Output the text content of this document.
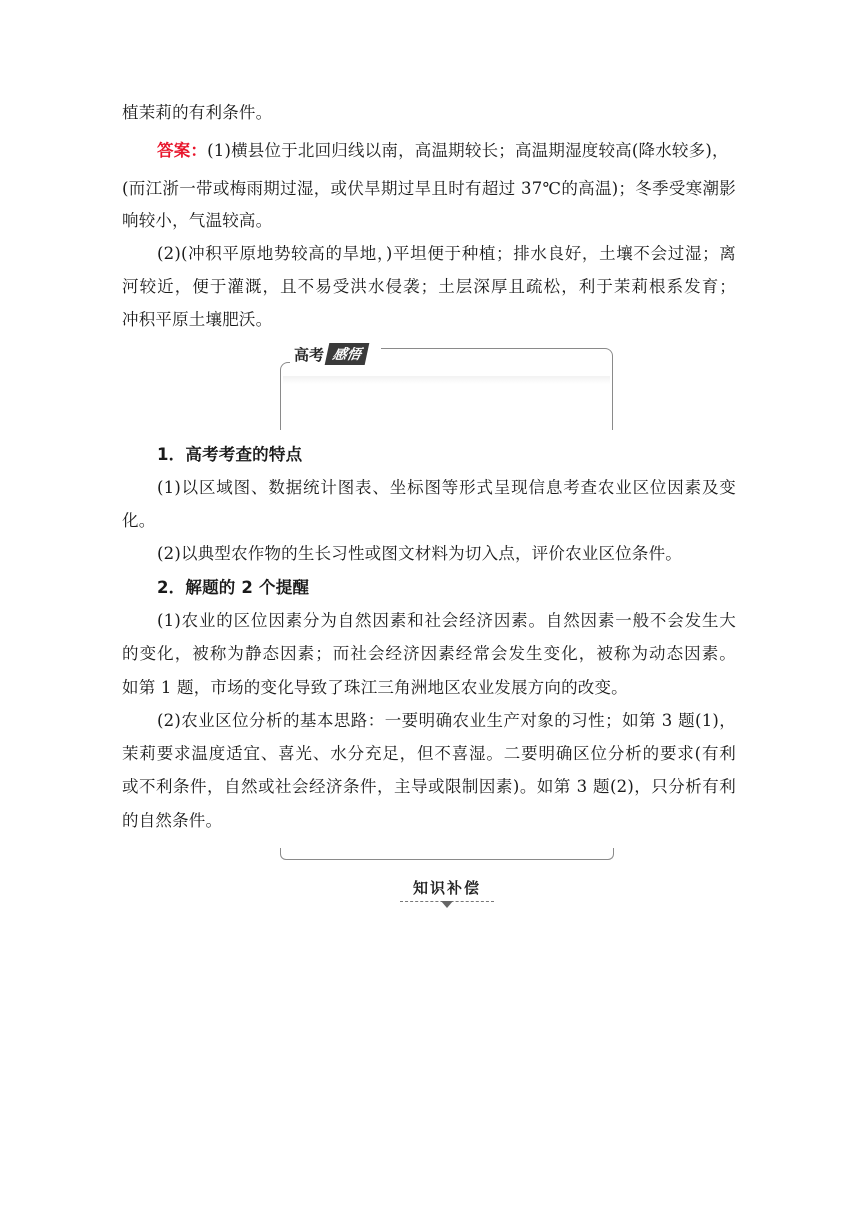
植茉莉的有利条件。
答案：(1)横县位于北回归线以南，高温期较长；高温期湿度较高(降水较多)，
(而江浙一带或梅雨期过湿，或伏旱期过旱且时有超过 37℃的高温)；冬季受寒潮影
响较小，气温较高。
(2)(冲积平原地势较高的旱地，)平坦便于种植；排水良好，土壤不会过湿；离
河较近，便于灌溉，且不易受洪水侵袭；土层深厚且疏松，利于茉莉根系发育；
冲积平原土壤肥沃。
高考 感悟
1．高考考查的特点
(1)以区域图、数据统计图表、坐标图等形式呈现信息考查农业区位因素及变
化。
(2)以典型农作物的生长习性或图文材料为切入点，评价农业区位条件。
2．解题的 2 个提醒
(1)农业的区位因素分为自然因素和社会经济因素。自然因素一般不会发生大
的变化，被称为静态因素；而社会经济因素经常会发生变化，被称为动态因素。
如第 1 题，市场的变化导致了珠江三角洲地区农业发展方向的改变。
(2)农业区位分析的基本思路：一要明确农业生产对象的习性；如第 3 题(1)，
茉莉要求温度适宜、喜光、水分充足，但不喜湿。二要明确区位分析的要求(有利
或不利条件，自然或社会经济条件，主导或限制因素)。如第 3 题(2)，只分析有利
的自然条件。
知识补偿
